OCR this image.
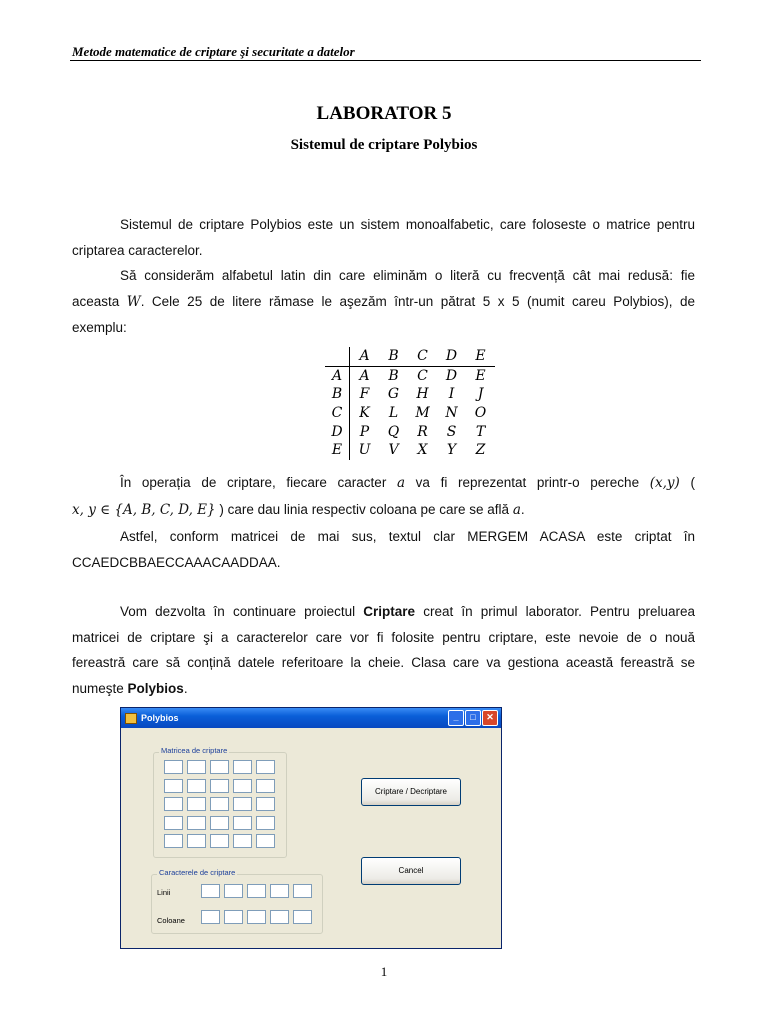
Metode matematice de criptare şi securitate a datelor
LABORATOR 5
Sistemul de criptare Polybios
Sistemul de criptare Polybios este un sistem monoalfabetic, care foloseste o matrice pentru
criptarea caracterelor.
Să considerăm alfabetul latin din care eliminăm o literă cu frecvență cât mai redusă: fie
aceasta W. Cele 25 de litere rămase le aşezăm într-un pătrat 5 x 5 (numit careu Polybios), de
exemplu:
	A	B	C	D	E
A	A	B	C	D	E
B	F	G	H	I	J
C	K	L	M	N	O
D	P	Q	R	S	T
E	U	V	X	Y	Z
În operația de criptare, fiecare caracter a va fi reprezentat printr-o pereche (x,y) (
x, y ∈ {A, B, C, D, E} ) care dau linia respectiv coloana pe care se află a.
Astfel, conform matricei de mai sus, textul clar MERGEM ACASA este criptat în
CCAEDCBBAECCAAACAADDAA.
Vom dezvolta în continuare proiectul Criptare creat în primul laborator. Pentru preluarea
matricei de criptare şi a caracterelor care vor fi folosite pentru criptare, este nevoie de o nouă
fereastră care să conțină datele referitoare la cheie. Clasa care va gestiona această fereastră se
numeşte Polybios.
Polybios	_	□	✕
Matricea de criptare
Caracterele de criptare
Linii
Coloane
Criptare / Decriptare
Cancel
1
